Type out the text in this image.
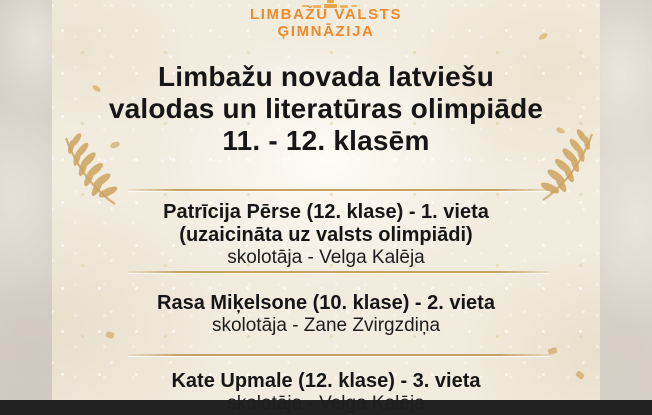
LIMBAŽU VALSTS
ĢIMNĀZIJA
Limbažu novada latviešu
valodas un literatūras olimpiāde
11. - 12. klasēm
Patrīcija Pērse (12. klase) - 1. vieta
(uzaicināta uz valsts olimpiādi)
skolotāja - Velga Kalēja
Rasa Miķelsone (10. klase) - 2. vieta
skolotāja - Zane Zvirgzdiņa
Kate Upmale (12. klase) - 3. vieta
skolotāja - Velga Kalēja
